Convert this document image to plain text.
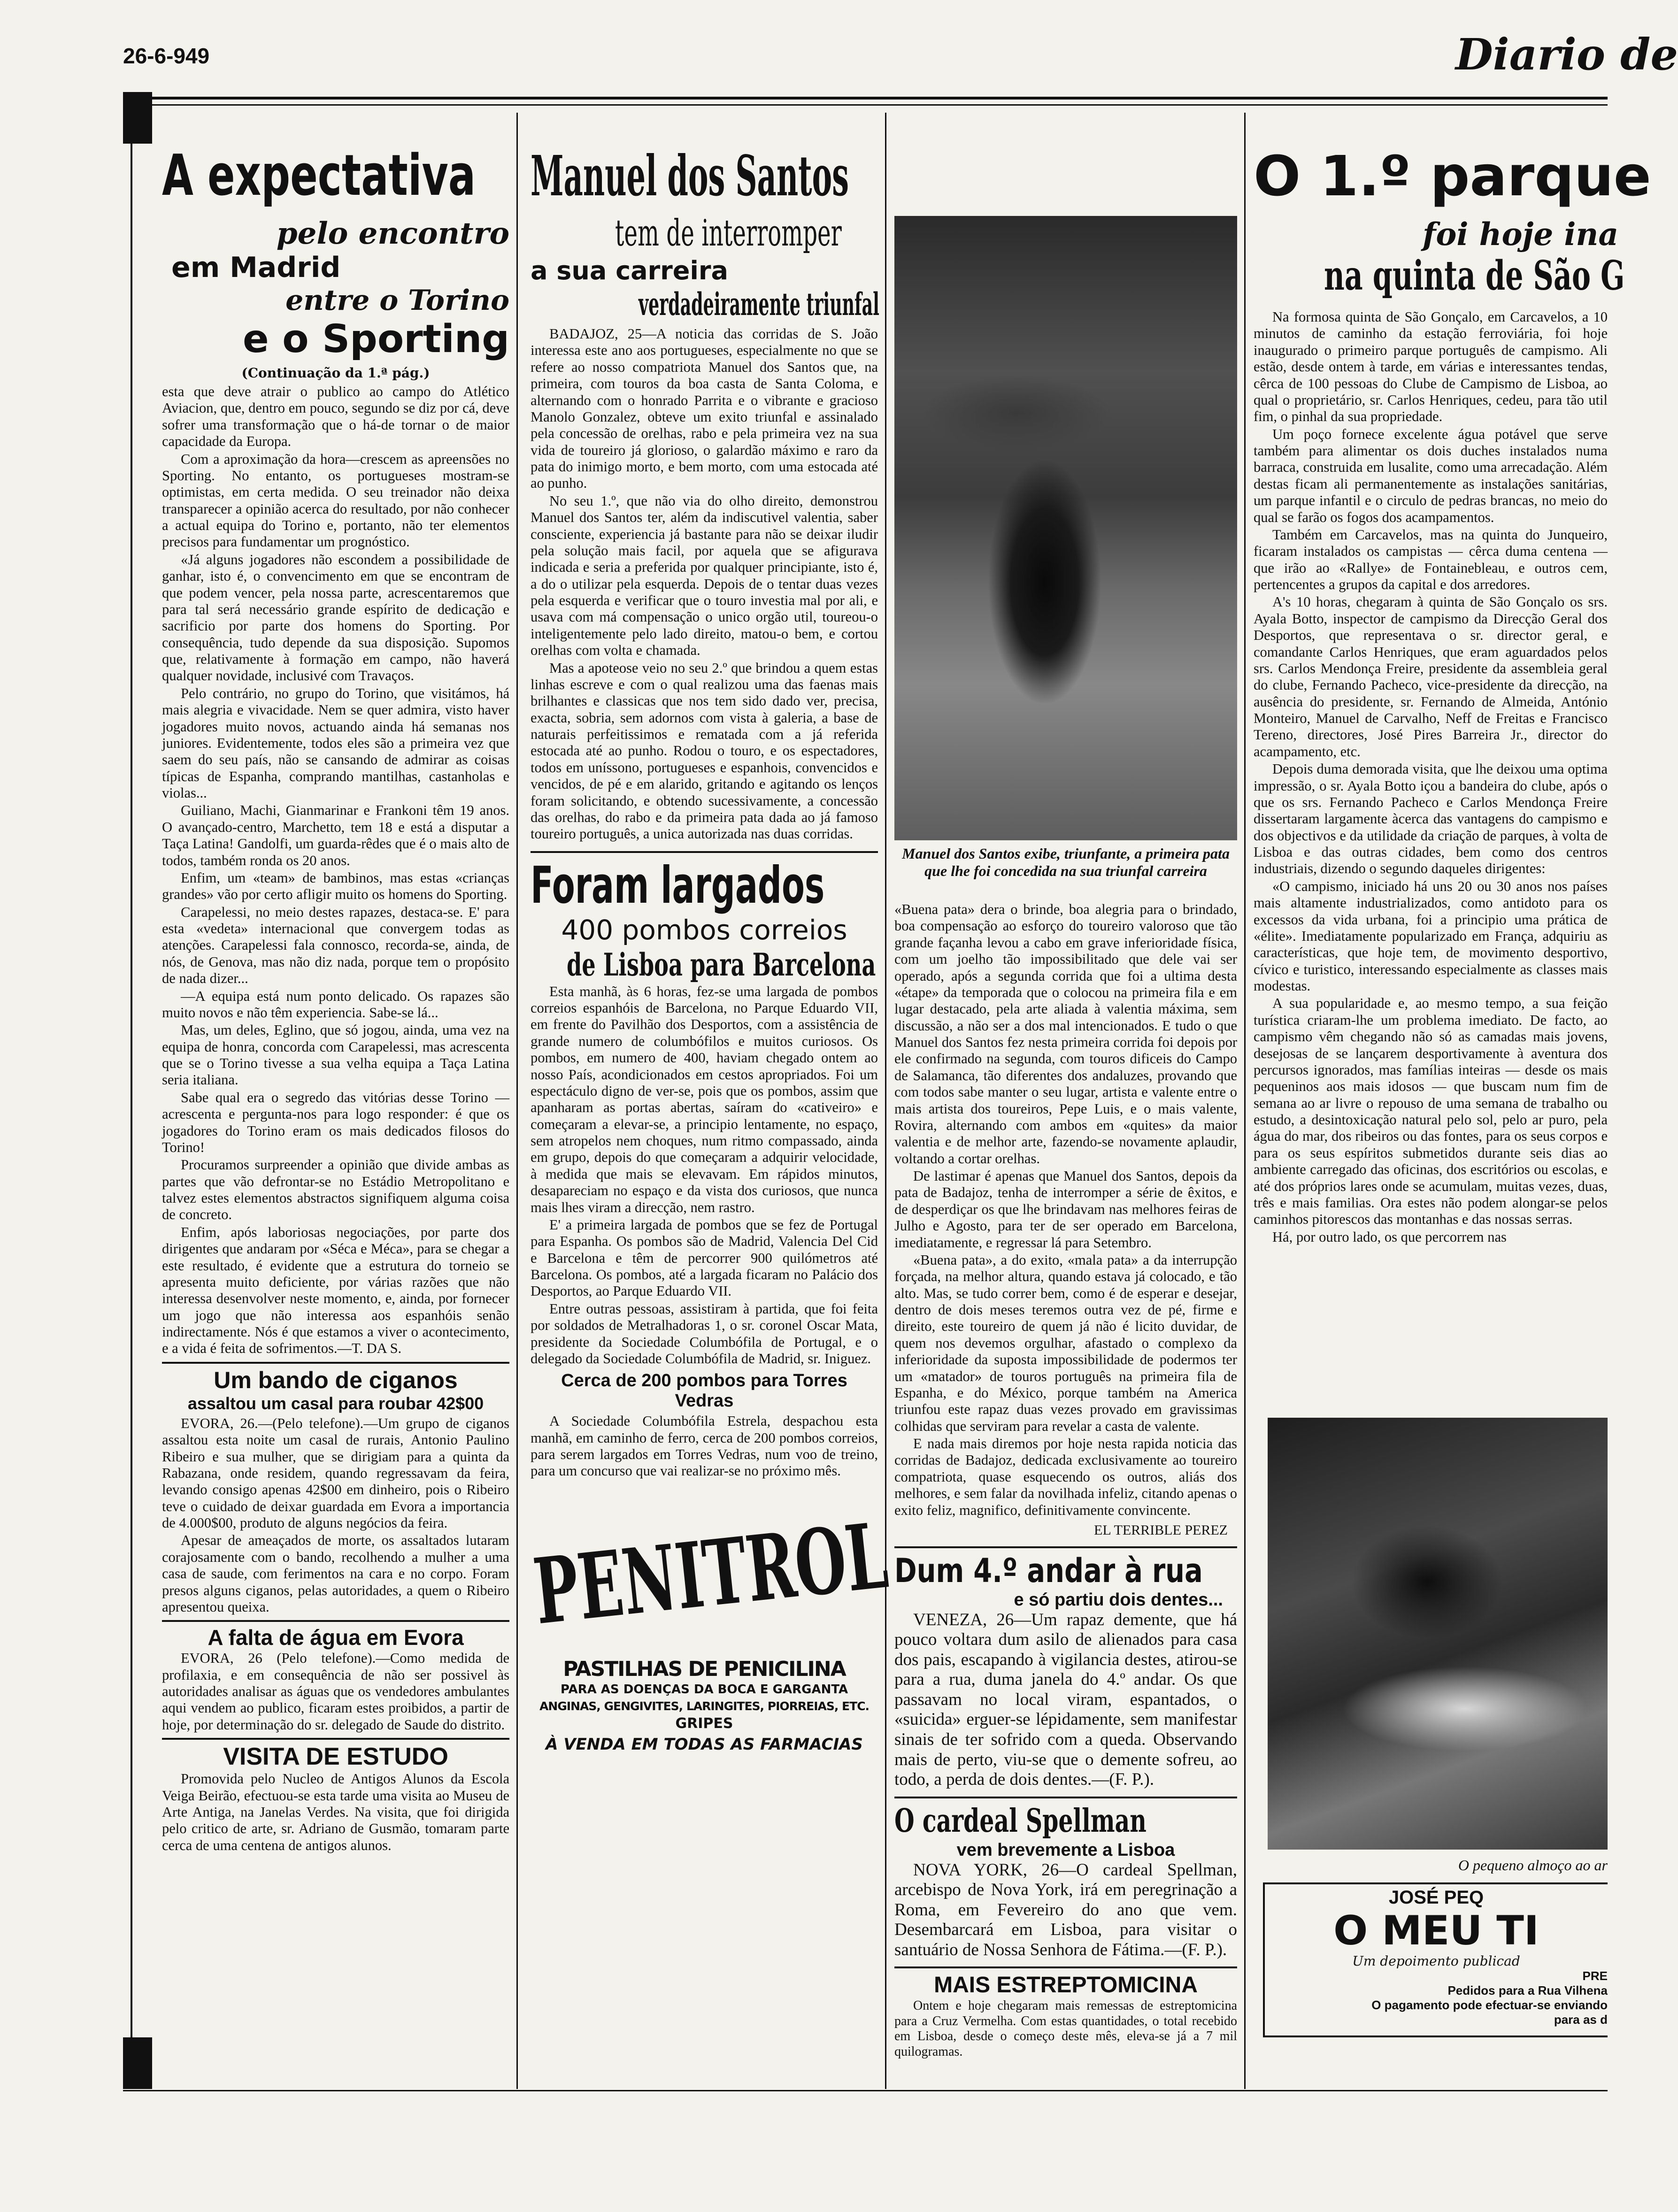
26-6-949	Diario de
A expectativa
pelo encontro
em Madrid
entre o Torino
e o Sporting
(Continuação da 1.ª pág.)

esta que deve atrair o publico ao campo do Atlético Aviacion, que, dentro em pouco, segundo se diz por cá, deve sofrer uma transformação que o há-de tornar o de maior capacidade da Europa.

Com a aproximação da hora—crescem as apreensões no Sporting. No entanto, os portugueses mostram-se optimistas, em certa medida. O seu treinador não deixa transparecer a opinião acerca do resultado, por não conhecer a actual equipa do Torino e, portanto, não ter elementos precisos para fundamentar um prognóstico.

«Já alguns jogadores não escondem a possibilidade de ganhar, isto é, o convencimento em que se encontram de que podem vencer, pela nossa parte, acrescentaremos que para tal será necessário grande espírito de dedicação e sacrificio por parte dos homens do Sporting. Por consequência, tudo depende da sua disposição. Supomos que, relativamente à formação em campo, não haverá qualquer novidade, inclusivé com Travaços.

Pelo contrário, no grupo do Torino, que visitámos, há mais alegria e vivacidade. Nem se quer admira, visto haver jogadores muito novos, actuando ainda há semanas nos juniores. Evidentemente, todos eles são a primeira vez que saem do seu país, não se cansando de admirar as coisas típicas de Espanha, comprando mantilhas, castanholas e violas...

Guiliano, Machi, Gianmarinar e Frankoni têm 19 anos. O avançado-centro, Marchetto, tem 18 e está a disputar a Taça Latina! Gandolfi, um guarda-rêdes que é o mais alto de todos, também ronda os 20 anos.

Enfim, um «team» de bambinos, mas estas «crianças grandes» vão por certo afligir muito os homens do Sporting.

Carapelessi, no meio destes rapazes, destaca-se. E' para esta «vedeta» internacional que convergem todas as atenções. Carapelessi fala connosco, recorda-se, ainda, de nós, de Genova, mas não diz nada, porque tem o propósito de nada dizer...

—A equipa está num ponto delicado. Os rapazes são muito novos e não têm experiencia. Sabe-se lá...

Mas, um deles, Eglino, que só jogou, ainda, uma vez na equipa de honra, concorda com Carapelessi, mas acrescenta que se o Torino tivesse a sua velha equipa a Taça Latina seria italiana.

Sabe qual era o segredo das vitórias desse Torino — acrescenta e pergunta-nos para logo responder: é que os jogadores do Torino eram os mais dedicados filosos do Torino!

Procuramos surpreender a opinião que divide ambas as partes que vão defrontar-se no Estádio Metropolitano e talvez estes elementos abstractos signifiquem alguma coisa de concreto.

Enfim, após laboriosas negociações, por parte dos dirigentes que andaram por «Séca e Méca», para se chegar a este resultado, é evidente que a estrutura do torneio se apresenta muito deficiente, por várias razões que não interessa desenvolver neste momento, e, ainda, por fornecer um jogo que não interessa aos espanhóis senão indirectamente. Nós é que estamos a viver o acontecimento, e a vida é feita de sofrimentos.—T. DA S.

Um bando de ciganos
assaltou um casal para roubar 42$00

EVORA, 26.—(Pelo telefone).—Um grupo de ciganos assaltou esta noite um casal de rurais, Antonio Paulino Ribeiro e sua mulher, que se dirigiam para a quinta da Rabazana, onde residem, quando regressavam da feira, levando consigo apenas 42$00 em dinheiro, pois o Ribeiro teve o cuidado de deixar guardada em Evora a importancia de 4.000$00, produto de alguns negócios da feira.

Apesar de ameaçados de morte, os assaltados lutaram corajosamente com o bando, recolhendo a mulher a uma casa de saude, com ferimentos na cara e no corpo. Foram presos alguns ciganos, pelas autoridades, a quem o Ribeiro apresentou queixa.

A falta de água em Evora

EVORA, 26 (Pelo telefone).—Como medida de profilaxia, e em consequência de não ser possivel às autoridades analisar as águas que os vendedores ambulantes aqui vendem ao publico, ficaram estes proibidos, a partir de hoje, por determinação do sr. delegado de Saude do distrito.

VISITA DE ESTUDO

Promovida pelo Nucleo de Antigos Alunos da Escola Veiga Beirão, efectuou-se esta tarde uma visita ao Museu de Arte Antiga, na Janelas Verdes. Na visita, que foi dirigida pelo critico de arte, sr. Adriano de Gusmão, tomaram parte cerca de uma centena de antigos alunos.

Manuel dos Santos
tem de interromper
a sua carreira
verdadeiramente triunfal

BADAJOZ, 25—A noticia das corridas de S. João interessa este ano aos portugueses, especialmente no que se refere ao nosso compatriota Manuel dos Santos que, na primeira, com touros da boa casta de Santa Coloma, e alternando com o honrado Parrita e o vibrante e gracioso Manolo Gonzalez, obteve um exito triunfal e assinalado pela concessão de orelhas, rabo e pela primeira vez na sua vida de toureiro já glorioso, o galardão máximo e raro da pata do inimigo morto, e bem morto, com uma estocada até ao punho.

No seu 1.º, que não via do olho direito, demonstrou Manuel dos Santos ter, além da indiscutivel valentia, saber consciente, experiencia já bastante para não se deixar iludir pela solução mais facil, por aquela que se afigurava indicada e seria a preferida por qualquer principiante, isto é, a do o utilizar pela esquerda. Depois de o tentar duas vezes pela esquerda e verificar que o touro investia mal por ali, e usava com má compensação o unico orgão util, toureou-o inteligentemente pelo lado direito, matou-o bem, e cortou orelhas com volta e chamada.

Mas a apoteose veio no seu 2.º que brindou a quem estas linhas escreve e com o qual realizou uma das faenas mais brilhantes e classicas que nos tem sido dado ver, precisa, exacta, sobria, sem adornos com vista à galeria, a base de naturais perfeitissimos e rematada com a já referida estocada até ao punho. Rodou o touro, e os espectadores, todos em uníssono, portugueses e espanhois, convencidos e vencidos, de pé e em alarido, gritando e agitando os lenços foram solicitando, e obtendo sucessivamente, a concessão das orelhas, do rabo e da primeira pata dada ao já famoso toureiro português, a unica autorizada nas duas corridas.

Foram largados
400 pombos correios
de Lisboa para Barcelona

Esta manhã, às 6 horas, fez-se uma largada de pombos correios espanhóis de Barcelona, no Parque Eduardo VII, em frente do Pavilhão dos Desportos, com a assistência de grande numero de columbófilos e muitos curiosos. Os pombos, em numero de 400, haviam chegado ontem ao nosso País, acondicionados em cestos apropriados. Foi um espectáculo digno de ver-se, pois que os pombos, assim que apanharam as portas abertas, saíram do «cativeiro» e começaram a elevar-se, a principio lentamente, no espaço, sem atropelos nem choques, num ritmo compassado, ainda em grupo, depois do que começaram a adquirir velocidade, à medida que mais se elevavam. Em rápidos minutos, desapareciam no espaço e da vista dos curiosos, que nunca mais lhes viram a direcção, nem rastro.

E' a primeira largada de pombos que se fez de Portugal para Espanha. Os pombos são de Madrid, Valencia Del Cid e Barcelona e têm de percorrer 900 quilómetros até Barcelona. Os pombos, até a largada ficaram no Palácio dos Desportos, ao Parque Eduardo VII.

Entre outras pessoas, assistiram à partida, que foi feita por soldados de Metralhadoras 1, o sr. coronel Oscar Mata, presidente da Sociedade Columbófila de Portugal, e o delegado da Sociedade Columbófila de Madrid, sr. Iniguez.

Cerca de 200 pombos para Torres Vedras

A Sociedade Columbófila Estrela, despachou esta manhã, em caminho de ferro, cerca de 200 pombos correios, para serem largados em Torres Vedras, num voo de treino, para um concurso que vai realizar-se no próximo mês.

PENITROL
PASTILHAS DE PENICILINA
PARA AS DOENÇAS DA BOCA E GARGANTA
ANGINAS, GENGIVITES, LARINGITES, PIORREIAS, ETC.
GRIPES
À VENDA EM TODAS AS FARMACIAS
Manuel dos Santos exibe, triunfante, a primeira pata que lhe foi concedida na sua triunfal carreira

«Buena pata» dera o brinde, boa alegria para o brindado, boa compensação ao esforço do toureiro valoroso que tão grande façanha levou a cabo em grave inferioridade física, com um joelho tão impossibilitado que dele vai ser operado, após a segunda corrida que foi a ultima desta «étape» da temporada que o colocou na primeira fila e em lugar destacado, pela arte aliada à valentia máxima, sem discussão, a não ser a dos mal intencionados. E tudo o que Manuel dos Santos fez nesta primeira corrida foi depois por ele confirmado na segunda, com touros dificeis do Campo de Salamanca, tão diferentes dos andaluzes, provando que com todos sabe manter o seu lugar, artista e valente entre o mais artista dos toureiros, Pepe Luis, e o mais valente, Rovira, alternando com ambos em «quites» da maior valentia e de melhor arte, fazendo-se novamente aplaudir, voltando a cortar orelhas.

De lastimar é apenas que Manuel dos Santos, depois da pata de Badajoz, tenha de interromper a série de êxitos, e de desperdiçar os que lhe brindavam nas melhores feiras de Julho e Agosto, para ter de ser operado em Barcelona, imediatamente, e regressar lá para Setembro.

«Buena pata», a do exito, «mala pata» a da interrupção forçada, na melhor altura, quando estava já colocado, e tão alto. Mas, se tudo correr bem, como é de esperar e desejar, dentro de dois meses teremos outra vez de pé, firme e direito, este toureiro de quem já não é licito duvidar, de quem nos devemos orgulhar, afastado o complexo da inferioridade da suposta impossibilidade de podermos ter um «matador» de touros português na primeira fila de Espanha, e do México, porque também na America triunfou este rapaz duas vezes provado em gravissimas colhidas que serviram para revelar a casta de valente.

E nada mais diremos por hoje nesta rapida noticia das corridas de Badajoz, dedicada exclusivamente ao toureiro compatriota, quase esquecendo os outros, aliás dos melhores, e sem falar da novilhada infeliz, citando apenas o exito feliz, magnifico, definitivamente convincente.

EL TERRIBLE PEREZ
Dum 4.º andar à rua
e só partiu dois dentes...

VENEZA, 26—Um rapaz demente, que há pouco voltara dum asilo de alienados para casa dos pais, escapando à vigilancia destes, atirou-se para a rua, duma janela do 4.º andar. Os que passavam no local viram, espantados, o «suicida» erguer-se lépidamente, sem manifestar sinais de ter sofrido com a queda. Observando mais de perto, viu-se que o demente sofreu, ao todo, a perda de dois dentes.—(F. P.).

O cardeal Spellman
vem brevemente a Lisboa

NOVA YORK, 26—O cardeal Spellman, arcebispo de Nova York, irá em peregrinação a Roma, em Fevereiro do ano que vem. Desembarcará em Lisboa, para visitar o santuário de Nossa Senhora de Fátima.—(F. P.).

MAIS ESTREPTOMICINA

Ontem e hoje chegaram mais remessas de estreptomicina para a Cruz Vermelha. Com estas quantidades, o total recebido em Lisboa, desde o começo deste mês, eleva-se já a 7 mil quilogramas.

O 1.º parque
foi hoje ina
na quinta de São G

Na formosa quinta de São Gonçalo, em Carcavelos, a 10 minutos de caminho da estação ferroviária, foi hoje inaugurado o primeiro parque português de campismo. Ali estão, desde ontem à tarde, em várias e interessantes tendas, cêrca de 100 pessoas do Clube de Campismo de Lisboa, ao qual o proprietário, sr. Carlos Henriques, cedeu, para tão util fim, o pinhal da sua propriedade.

Um poço fornece excelente água potável que serve também para alimentar os dois duches instalados numa barraca, construida em lusalite, como uma arrecadação. Além destas ficam ali permanentemente as instalações sanitárias, um parque infantil e o circulo de pedras brancas, no meio do qual se farão os fogos dos acampamentos.

Também em Carcavelos, mas na quinta do Junqueiro, ficaram instalados os campistas — cêrca duma centena — que irão ao «Rallye» de Fontainebleau, e outros cem, pertencentes a grupos da capital e dos arredores.

A's 10 horas, chegaram à quinta de São Gonçalo os srs. Ayala Botto, inspector de campismo da Direcção Geral dos Desportos, que representava o sr. director geral, e comandante Carlos Henriques, que eram aguardados pelos srs. Carlos Mendonça Freire, presidente da assembleia geral do clube, Fernando Pacheco, vice-presidente da direcção, na ausência do presidente, sr. Fernando de Almeida, António Monteiro, Manuel de Carvalho, Neff de Freitas e Francisco Tereno, directores, José Pires Barreira Jr., director do acampamento, etc.

Depois duma demorada visita, que lhe deixou uma optima impressão, o sr. Ayala Botto içou a bandeira do clube, após o que os srs. Fernando Pacheco e Carlos Mendonça Freire dissertaram largamente àcerca das vantagens do campismo e dos objectivos e da utilidade da criação de parques, à volta de Lisboa e das outras cidades, bem como dos centros industriais, dizendo o segundo daqueles dirigentes:

«O campismo, iniciado há uns 20 ou 30 anos nos países mais altamente industrializados, como antidoto para os excessos da vida urbana, foi a principio uma prática de «élite». Imediatamente popularizado em França, adquiriu as características, que hoje tem, de movimento desportivo, cívico e turistico, interessando especialmente as classes mais modestas.

A sua popularidade e, ao mesmo tempo, a sua feição turística criaram-lhe um problema imediato. De facto, ao campismo vêm chegando não só as camadas mais jovens, desejosas de se lançarem desportivamente à aventura dos percursos ignorados, mas famílias inteiras — desde os mais pequeninos aos mais idosos — que buscam num fim de semana ao ar livre o repouso de uma semana de trabalho ou estudo, a desintoxicação natural pelo sol, pelo ar puro, pela água do mar, dos ribeiros ou das fontes, para os seus corpos e para os seus espíritos submetidos durante seis dias ao ambiente carregado das oficinas, dos escritórios ou escolas, e até dos próprios lares onde se acumulam, muitas vezes, duas, três e mais familias. Ora estes não podem alongar-se pelos caminhos pitorescos das montanhas e das nossas serras.

Há, por outro lado, os que percorrem nas

O pequeno almoço ao ar
JOSÉ PEQ
O MEU TI
Um depoimento publicad
PRE
Pedidos para a Rua Vilhena
O pagamento pode efectuar-se enviando
para as d
